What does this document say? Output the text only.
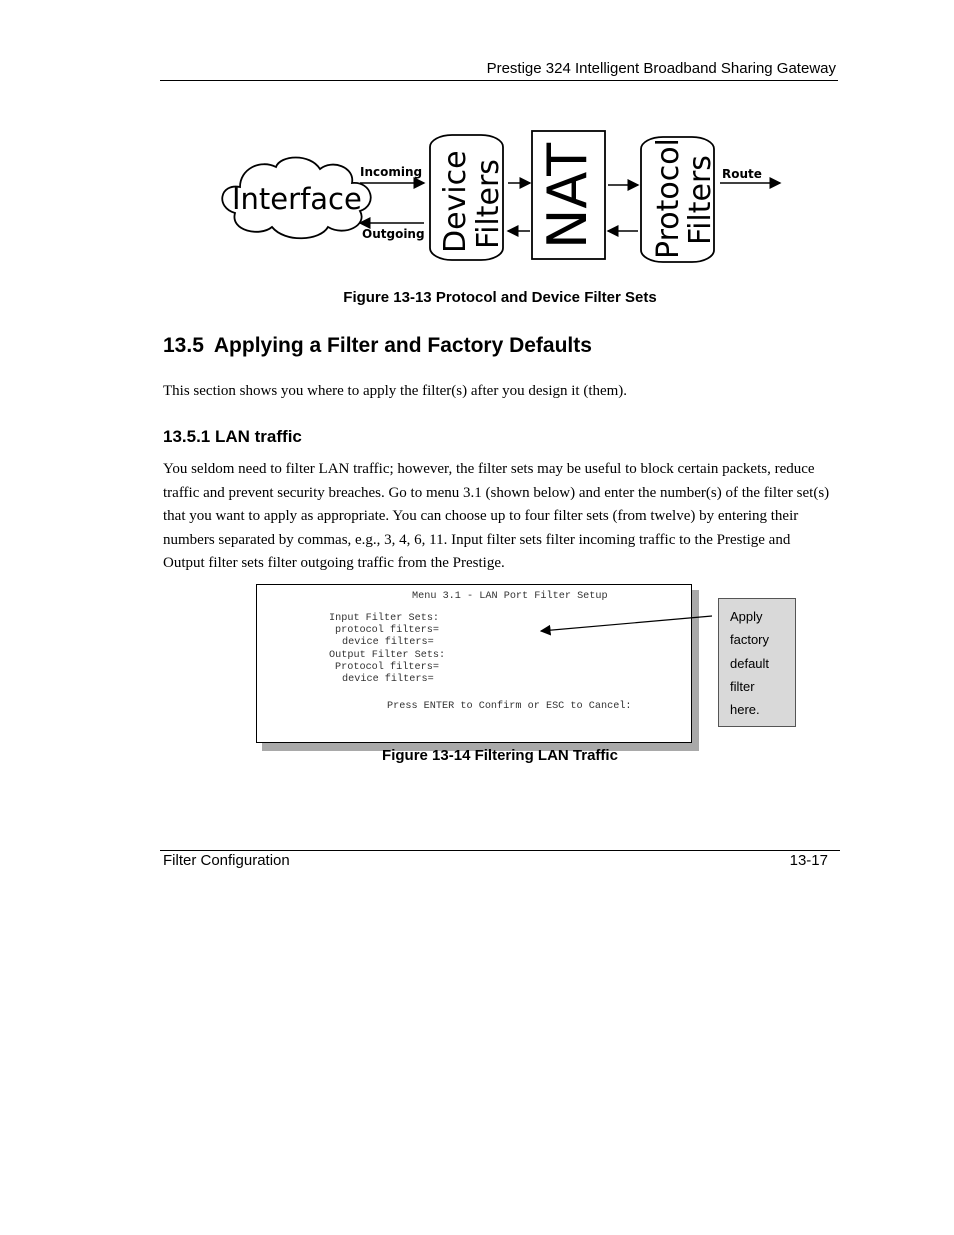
Prestige 324 Intelligent Broadband Sharing Gateway
Interface
Incoming
Outgoing Device
Filters NAT Protocol
Filters Route
Figure 13-13 Protocol and Device Filter Sets
13.5 Applying a Filter and Factory Defaults
This section shows you where to apply the filter(s) after you design it (them).
13.5.1 LAN traffic
You seldom need to filter LAN traffic; however, the filter sets may be useful to block certain packets, reduce traffic and prevent security breaches. Go to menu 3.1 (shown below) and enter the number(s) of the filter set(s) that you want to apply as appropriate. You can choose up to four filter sets (from twelve) by entering their numbers separated by commas, e.g., 3, 4, 6, 11. Input filter sets filter incoming traffic to the Prestige and Output filter sets filter outgoing traffic from the Prestige.
Menu 3.1 - LAN Port Filter Setup
Input Filter Sets:
protocol filters=
device filters=
Output Filter Sets:
Protocol filters=
device filters=
Press ENTER to Confirm or ESC to Cancel:
Apply
factory
default
filter
here.
Figure 13-14 Filtering LAN Traffic
Filter Configuration	13-17
